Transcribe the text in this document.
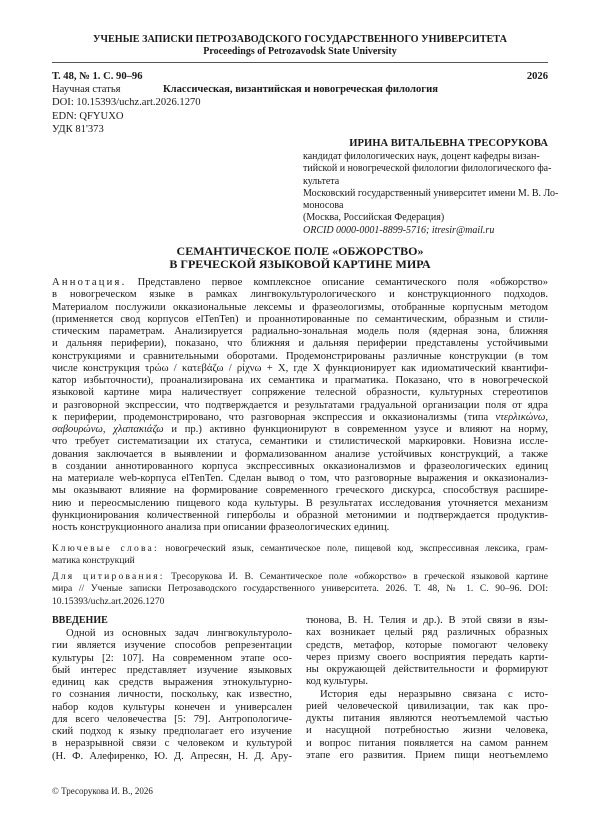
УЧЕНЫЕ ЗАПИСКИ ПЕТРОЗАВОДСКОГО ГОСУДАРСТВЕННОГО УНИВЕРСИТЕТА
Proceedings of Petrozavodsk State University
Т. 48, № 1. С. 90–96	2026
Научная статья	Классическая, византийская и новогреческая филология
DOI: 10.15393/uchz.art.2026.1270
EDN: QFYUXO
УДК 81'373
ИРИНА ВИТАЛЬЕВНА ТРЕСОРУКОВА
кандидат филологических наук, доцент кафедры визан-
тийской и новогреческой филологии филологического фа-
культета
Московский государственный университет имени М. В. Ло-
моносова
(Москва, Российская Федерация)
ORCID 0000-0001-8899-5716; itresir@mail.ru
СЕМАНТИЧЕСКОЕ ПОЛЕ «ОБЖОРСТВО»
В ГРЕЧЕСКОЙ ЯЗЫКОВОЙ КАРТИНЕ МИРА
Аннотация. Представлено первое комплексное описание семантического поля «обжорство»
в новогреческом языке в рамках лингвокультурологического и конструкционного подходов.
Материалом послужили окказиональные лексемы и фразеологизмы, отобранные корпусным методом
(применяется свод корпусов elTenTen) и проаннотированные по семантическим, образным и стили-
стическим параметрам. Анализируется радиально-зональная модель поля (ядерная зона, ближняя
и дальняя периферии), показано, что ближняя и дальняя периферии представлены устойчивыми
конструкциями и сравнительными оборотами. Продемонстрированы различные конструкции (в том
числе конструкция τρώω / κατεβάζω / ρίχνω + X, где X функционирует как идиоматический квантифи-
катор избыточности), проанализирована их семантика и прагматика. Показано, что в новогреческой
языковой картине мира наличествует сопряжение телесной образности, культурных стереотипов
и разговорной экспрессии, что подтверждается и результатами градуальной организации поля от ядра
к периферии, продемонстрировано, что разговорная экспрессия и окказионализмы (типа ντερλικώνω,
σαβουρώνω, χλαπακιάζω и пр.) активно функционируют в современном узусе и влияют на норму,
что требует систематизации их статуса, семантики и стилистической маркировки. Новизна иссле-
дования заключается в выявлении и формализованном анализе устойчивых конструкций, а также
в создании аннотированного корпуса экспрессивных окказионализмов и фразеологических единиц
на материале web-корпуса elTenTen. Сделан вывод о том, что разговорные выражения и окказионализ-
мы оказывают влияние на формирование современного греческого дискурса, способствуя расшире-
нию и переосмыслению пищевого кода культуры. В результатах исследования уточняется механизм
функционирования количественной гиперболы и образной метонимии и подтверждается продуктив-
ность конструкционного анализа при описании фразеологических единиц.
Ключевые слова: новогреческий язык, семантическое поле, пищевой код, экспрессивная лексика, грам-
матика конструкций
Для цитирования: Тресорукова И. В. Семантическое поле «обжорство» в греческой языковой картине
мира // Ученые записки Петрозаводского государственного университета. 2026. Т. 48, № 1. С. 90–96. DOI:
10.15393/uchz.art.2026.1270
ВВЕДЕНИЕ
Одной из основных задач лингвокультуроло-
гии является изучение способов репрезентации
культуры [2: 107]. На современном этапе осо-
бый интерес представляет изучение языковых
единиц как средств выражения этнокультурно-
го сознания личности, поскольку, как известно,
набор кодов культуры конечен и универсален
для всего человечества [5: 79]. Антропологиче-
ский подход к языку предполагает его изучение
в неразрывной связи с человеком и культурой
(Н. Ф. Алефиренко, Ю. Д. Апресян, Н. Д. Ару-
тюнова, В. Н. Телия и др.). В этой связи в язы-
ках возникает целый ряд различных образных
средств, метафор, которые помогают человеку
через призму своего восприятия передать карти-
ны окружающей действительности и формируют
код культуры.
История еды неразрывно связана с исто-
рией человеческой цивилизации, так как про-
дукты питания являются неотъемлемой частью
и насущной потребностью жизни человека,
и вопрос питания появляется на самом раннем
этапе его развития. Прием пищи неотъемлемо
© Тресорукова И. В., 2026
